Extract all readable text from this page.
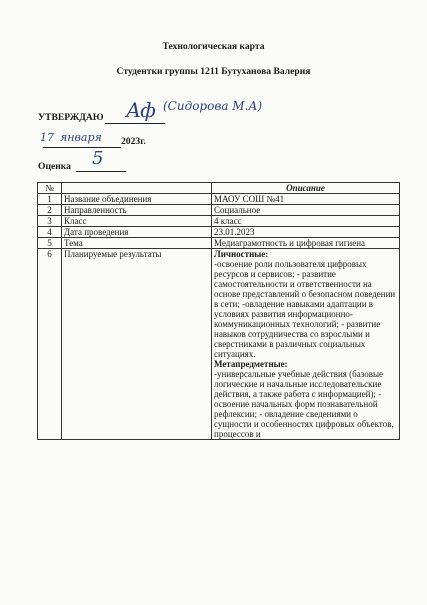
Технологическая карта
Студентки группы 1211 Бутуханова Валерия
УТВЕРЖДАЮ Аф (Сидорова М.А)
17 января 2023г.
Оценка 5
№		Описание
1	Название объединения	МАОУ СОШ №41
2	Направленность	Социальное
3	Класс	4 класс
4	Дата проведения	23.01.2023
5	Тема	Медиаграмотность и цифровая гигиена
6	Планируемые результаты	Личностные:
-освоение роли пользователя цифровых ресурсов и сервисов; - развитие самостоятельности и ответственности на основе представлений о безопасном поведении в сети; -овладение навыками адаптации в условиях развития информационно-коммуникационных технологий; - развитие навыков сотрудничества со взрослыми и сверстниками в различных социальных ситуациях.
Метапредметные:
-универсальные учебные действия (базовые логические и начальные исследовательские действия, а также работа с информацией); - освоение начальных форм познавательной рефлексии; - овладение сведениями о сущности и особенностях цифровых объектов, процессов и
